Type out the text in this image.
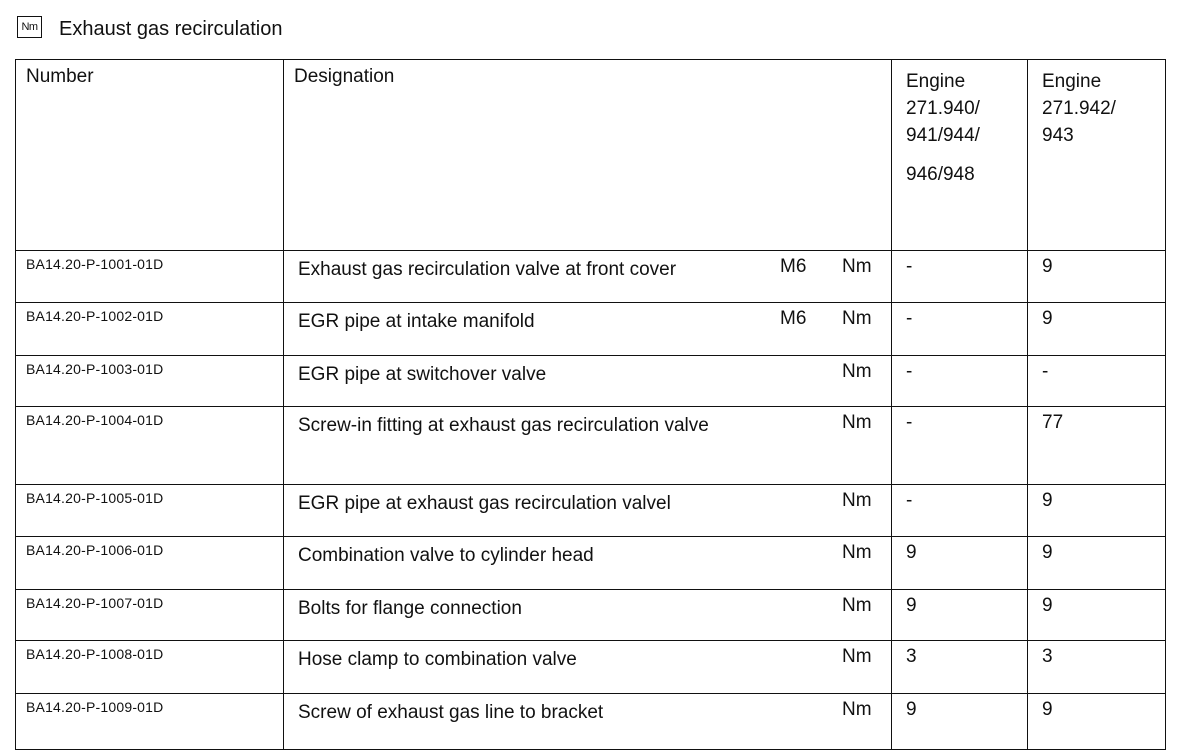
Nm Exhaust gas recirculation
Number	Designation	Engine
271.940/
941/944/
946/948	Engine
271.942/
943

BA14.20-P-1001-01D	Exhaust gas recirculation valve at front cover M6 Nm	-	9
BA14.20-P-1002-01D	EGR pipe at intake manifold M6 Nm	-	9
BA14.20-P-1003-01D	EGR pipe at switchover valve Nm	-	-
BA14.20-P-1004-01D	Screw-in fitting at exhaust gas recirculation valve Nm	-	77
BA14.20-P-1005-01D	EGR pipe at exhaust gas recirculation valvel Nm	-	9
BA14.20-P-1006-01D	Combination valve to cylinder head Nm	9	9
BA14.20-P-1007-01D	Bolts for flange connection Nm	9	9
BA14.20-P-1008-01D	Hose clamp to combination valve Nm	3	3
BA14.20-P-1009-01D	Screw of exhaust gas line to bracket Nm	9	9
